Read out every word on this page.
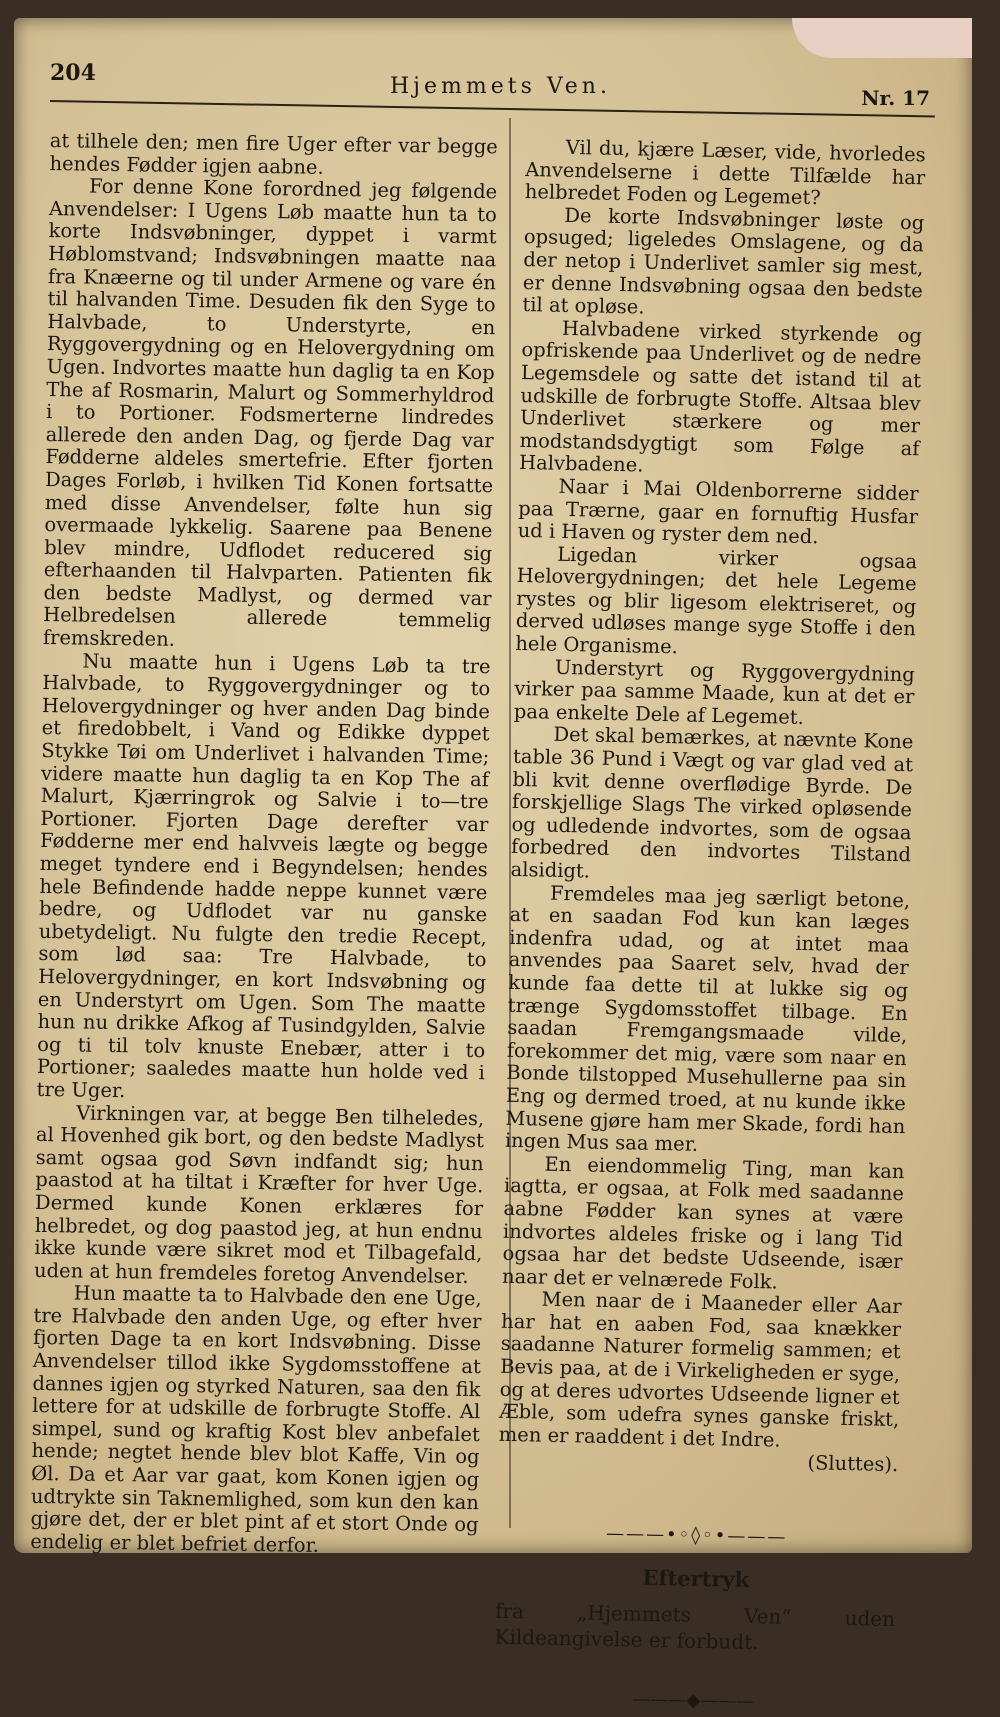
204
Hjemmets Ven.	Nr. 17

at tilhele den; men fire Uger efter var begge hendes Fødder igjen aabne.

For denne Kone forordned jeg følgende Anvendelser: I Ugens Løb maatte hun ta to korte Indsvøbninger, dyppet i varmt Høblomstvand; Indsvøbningen maatte naa fra Knæerne og til under Armene og vare én til halvanden Time. Desuden fik den Syge to Halvbade, to Understyrte, en Ryggovergydning og en Helovergydning om Ugen. Indvortes maatte hun daglig ta en Kop The af Rosmarin, Malurt og Sommerhyldrod i to Portioner. Fodsmerterne lindredes allerede den anden Dag, og fjerde Dag var Fødderne aldeles smertefrie. Efter fjorten Dages Forløb, i hvilken Tid Konen fortsatte med disse Anvendelser, følte hun sig overmaade lykkelig. Saarene paa Benene blev mindre, Udflodet reducered sig efterhaanden til Halvparten. Patienten fik den bedste Madlyst, og dermed var Helbredelsen allerede temmelig fremskreden.

Nu maatte hun i Ugens Løb ta tre Halvbade, to Ryggovergydninger og to Helovergydninger og hver anden Dag binde et firedobbelt, i Vand og Edikke dyppet Stykke Tøi om Underlivet i halvanden Time; videre maatte hun daglig ta en Kop The af Malurt, Kjærringrok og Salvie i to—tre Portioner. Fjorten Dage derefter var Fødderne mer end halvveis lægte og begge meget tyndere end i Begyndelsen; hendes hele Befindende hadde neppe kunnet være bedre, og Udflodet var nu ganske ubetydeligt. Nu fulgte den tredie Recept, som lød saa: Tre Halvbade, to Helovergydninger, en kort Indsvøbning og en Understyrt om Ugen. Som The maatte hun nu drikke Afkog af Tusindgylden, Salvie og ti til tolv knuste Enebær, atter i to Portioner; saaledes maatte hun holde ved i tre Uger.

Virkningen var, at begge Ben tilheledes, al Hovenhed gik bort, og den bedste Madlyst samt ogsaa god Søvn indfandt sig; hun paastod at ha tiltat i Kræfter for hver Uge. Dermed kunde Konen erklæres for helbredet, og dog paastod jeg, at hun endnu ikke kunde være sikret mod et Tilbagefald, uden at hun fremdeles foretog Anvendelser.

Hun maatte ta to Halvbade den ene Uge, tre Halvbade den anden Uge, og efter hver fjorten Dage ta en kort Indsvøbning. Disse Anvendelser tillod ikke Sygdomsstoffene at dannes igjen og styrked Naturen, saa den fik lettere for at udskille de forbrugte Stoffe. Al simpel, sund og kraftig Kost blev anbefalet hende; negtet hende blev blot Kaffe, Vin og Øl. Da et Aar var gaat, kom Konen igjen og udtrykte sin Taknemlighed, som kun den kan gjøre det, der er blet pint af et stort Onde og endelig er blet befriet derfor.

Vil du, kjære Læser, vide, hvorledes Anvendelserne i dette Tilfælde har helbredet Foden og Legemet?

De korte Indsvøbninger løste og opsuged; ligeledes Omslagene, og da der netop i Underlivet samler sig mest, er denne Indsvøbning ogsaa den bedste til at opløse.

Halvbadene virked styrkende og opfriskende paa Underlivet og de nedre Legemsdele og satte det istand til at udskille de forbrugte Stoffe. Altsaa blev Underlivet stærkere og mer modstandsdygtigt som Følge af Halvbadene.

Naar i Mai Oldenborrerne sidder paa Trærne, gaar en fornuftig Husfar ud i Haven og ryster dem ned.

Ligedan virker ogsaa Helovergydningen; det hele Legeme rystes og blir ligesom elektriseret, og derved udløses mange syge Stoffe i den hele Organisme.

Understyrt og Ryggovergydning virker paa samme Maade, kun at det er paa enkelte Dele af Legemet.

Det skal bemærkes, at nævnte Kone table 36 Pund i Vægt og var glad ved at bli kvit denne overflødige Byrde. De forskjellige Slags The virked opløsende og udledende indvortes, som de ogsaa forbedred den indvortes Tilstand alsidigt.

Fremdeles maa jeg særligt betone, at en saadan Fod kun kan læges indenfra udad, og at intet maa anvendes paa Saaret selv, hvad der kunde faa dette til at lukke sig og trænge Sygdomsstoffet tilbage. En saadan Fremgangsmaade vilde, forekommer det mig, være som naar en Bonde tilstopped Musehullerne paa sin Eng og dermed troed, at nu kunde ikke Musene gjøre ham mer Skade, fordi han ingen Mus saa mer.

En eiendommelig Ting, man kan iagtta, er ogsaa, at Folk med saadanne aabne Fødder kan synes at være indvortes aldeles friske og i lang Tid ogsaa har det bedste Udseende, især naar det er velnærede Folk.

Men naar de i Maaneder eller Aar har hat en aaben Fod, saa knækker saadanne Naturer formelig sammen; et Bevis paa, at de i Virkeligheden er syge, og at deres udvortes Udseende ligner et Æble, som udefra synes ganske friskt, men er raaddent i det Indre.

(Sluttes).

———•◦◊◦•———
Eftertryk

fra „Hjemmets Ven“ uden Kildeangivelse er forbudt.

———◆———
